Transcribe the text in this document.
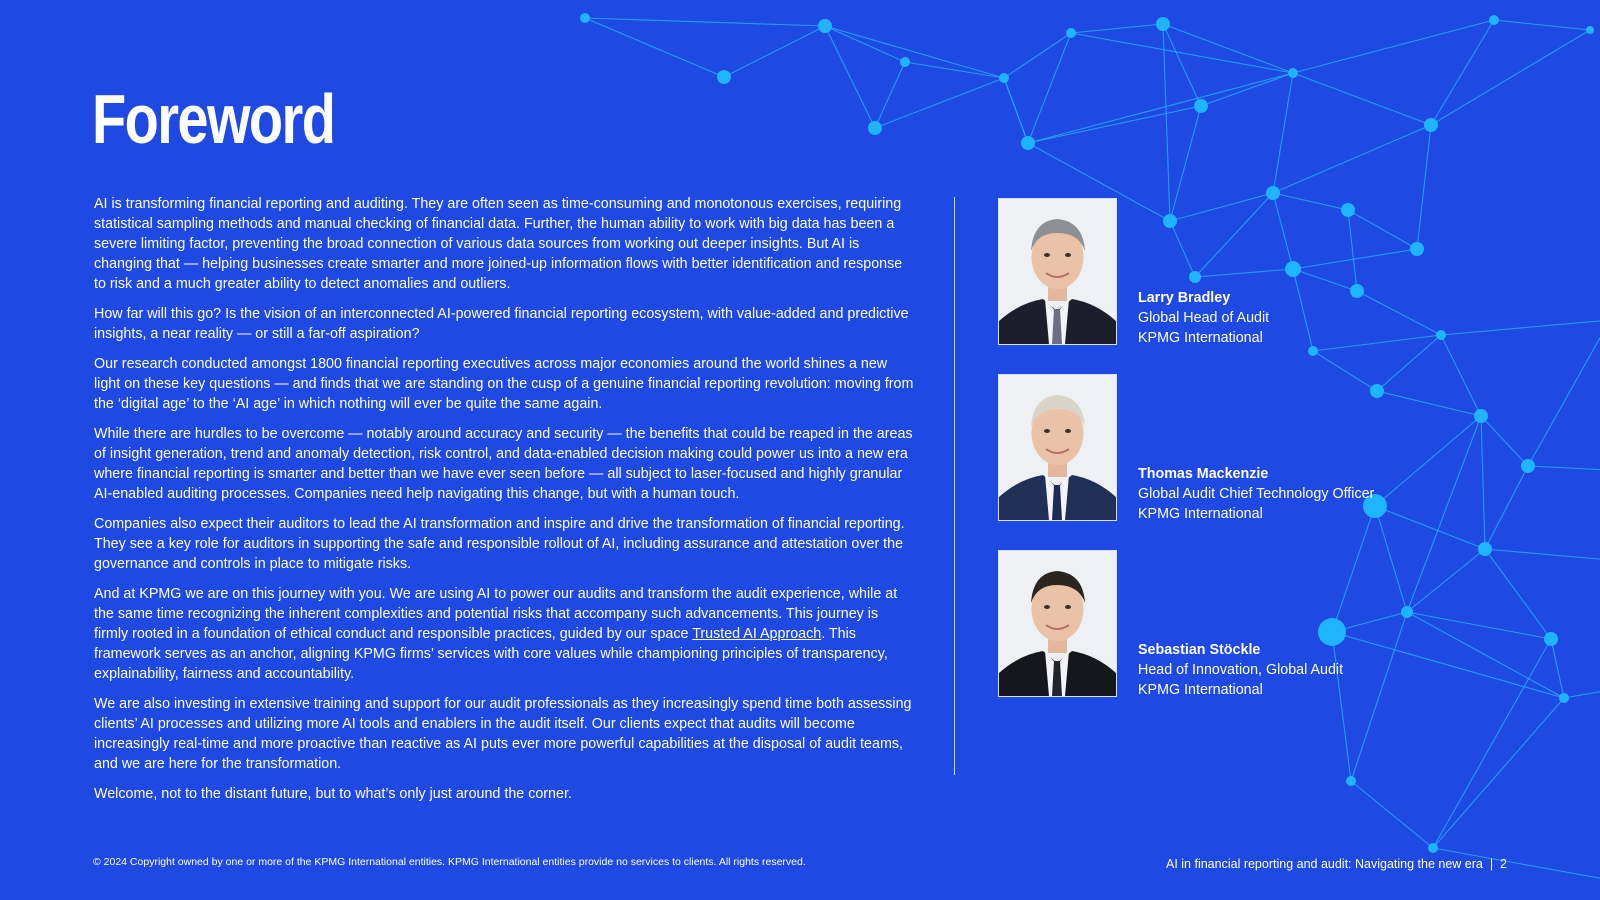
Foreword

AI is transforming financial reporting and auditing. They are often seen as time-consuming and monotonous exercises, requiring statistical sampling methods and manual checking of financial data. Further, the human ability to work with big data has been a severe limiting factor, preventing the broad connection of various data sources from working out deeper insights. But AI is changing that — helping businesses create smarter and more joined-up information flows with better identification and response to risk and a much greater ability to detect anomalies and outliers.

How far will this go? Is the vision of an interconnected AI-powered financial reporting ecosystem, with value-added and predictive insights, a near reality — or still a far-off aspiration?

Our research conducted amongst 1800 financial reporting executives across major economies around the world shines a new light on these key questions — and finds that we are standing on the cusp of a genuine financial reporting revolution: moving from the ‘digital age’ to the ‘AI age’ in which nothing will ever be quite the same again.

While there are hurdles to be overcome — notably around accuracy and security — the benefits that could be reaped in the areas of insight generation, trend and anomaly detection, risk control, and data-enabled decision making could power us into a new era where financial reporting is smarter and better than we have ever seen before — all subject to laser-focused and highly granular AI-enabled auditing processes. Companies need help navigating this change, but with a human touch.

Companies also expect their auditors to lead the AI transformation and inspire and drive the transformation of financial reporting. They see a key role for auditors in supporting the safe and responsible rollout of AI, including assurance and attestation over the governance and controls in place to mitigate risks.

And at KPMG we are on this journey with you. We are using AI to power our audits and transform the audit experience, while at the same time recognizing the inherent complexities and potential risks that accompany such advancements. This journey is firmly rooted in a foundation of ethical conduct and responsible practices, guided by our space Trusted AI Approach. This framework serves as an anchor, aligning KPMG firms’ services with core values while championing principles of transparency, explainability, fairness and accountability.

We are also investing in extensive training and support for our audit professionals as they increasingly spend time both assessing clients’ AI processes and utilizing more AI tools and enablers in the audit itself. Our clients expect that audits will become increasingly real-time and more proactive than reactive as AI puts ever more powerful capabilities at the disposal of audit teams, and we are here for the transformation.

Welcome, not to the distant future, but to what’s only just around the corner.

Larry Bradley
Global Head of Audit
KPMG International
Thomas Mackenzie
Global Audit Chief Technology Officer
KPMG International
Sebastian Stöckle
Head of Innovation, Global Audit
KPMG International
© 2024 Copyright owned by one or more of the KPMG International entities. KPMG International entities provide no services to clients. All rights reserved.	AI in financial reporting and audit: Navigating the new era  |  2
